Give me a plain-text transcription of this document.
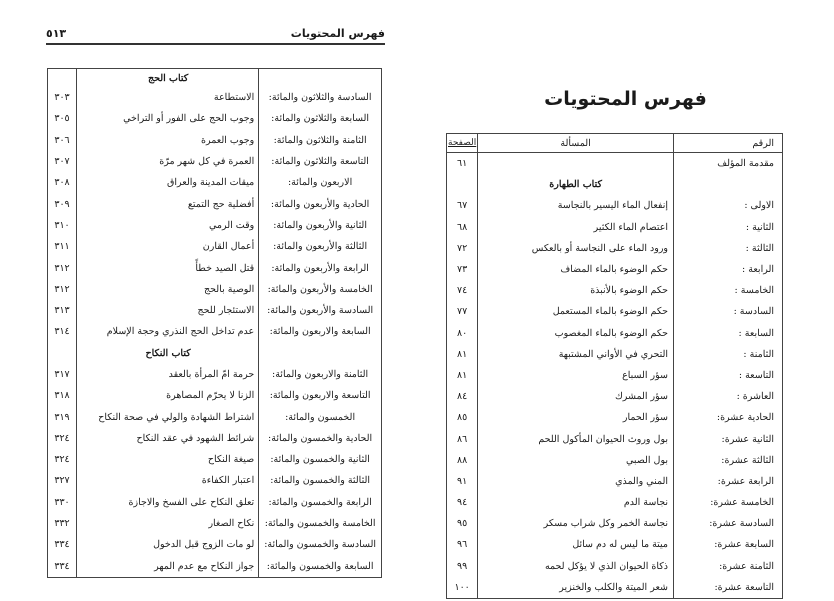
فهرس المحتويات
٥١٣
	كتاب الحج	
السادسة والثلاثون والمائة:	الاستطاعة	٣٠٣
السابعة والثلاثون والمائة:	وجوب الحج على الفور أو التراخي	٣٠٥
الثامنة والثلاثون والمائة:	وجوب العمرة	٣٠٦
التاسعة والثلاثون والمائة:	العمرة في كل شهر مرّة	٣٠٧
الاربعون والمائة:	ميقات المدينة والعراق	٣٠٨
الحادية والأربعون والمائة:	أفضلية حج التمتع	٣٠٩
الثانية والأربعون والمائة:	وقت الرمي	٣١٠
الثالثة والأربعون والمائة:	أعمال القارن	٣١١
الرابعة والأربعون والمائة:	قتل الصيد خطأً	٣١٢
الخامسة والأربعون والمائة:	الوصية بالحج	٣١٢
السادسة والأربعون والمائة:	الاستئجار للحج	٣١٣
السابعة والاربعون والمائة:	عدم تداخل الحج النذري وحجة الإسلام	٣١٤
	كتاب النكاح	
الثامنة والاربعون والمائة:	حرمة امّ المرأة بالعقد	٣١٧
التاسعة والاربعون والمائة:	الزنا لا يحرّم المصاهرة	٣١٨
الخمسون والمائة:	اشتراط الشهادة والولي في صحة النكاح	٣١٩
الحادية والخمسون والمائة:	شرائط الشهود في عقد النكاح	٣٢٤
الثانية والخمسون والمائة:	صيغة النكاح	٣٢٤
الثالثة والخمسون والمائة:	اعتبار الكفاءة	٣٢٧
الرابعة والخمسون والمائة:	تعلق النكاح على الفسخ والاجازة	٣٣٠
الخامسة والخمسون والمائة:	نكاح الصغار	٣٣٢
السادسة والخمسون والمائة:	لو مات الزوج قبل الدخول	٣٣٤
السابعة والخمسون والمائة:	جواز النكاح مع عدم المهر	٣٣٤
فهرس المحتويات
الرقم	المسألة	الصفحة
مقدمة المؤلف		٦١
	كتاب الطهارة	
الاولى :	إنفعال الماء اليسير بالنجاسة	٦٧
الثانية :	اعتصام الماء الكثير	٦٨
الثالثة :	ورود الماء على النجاسة أو بالعكس	٧٢
الرابعة :	حكم الوضوء بالماء المضاف	٧٣
الخامسة :	حكم الوضوء بالأنبذة	٧٤
السادسة :	حكم الوضوء بالماء المستعمل	٧٧
السابعة :	حكم الوضوء بالماء المغصوب	٨٠
الثامنة :	التحري في الأواني المشتبهة	٨١
التاسعة :	سؤر السباع	٨١
العاشرة :	سؤر المشرك	٨٤
الحادية عشرة:	سؤر الحمار	٨٥
الثانية عشرة:	بول وروث الحيوان المأكول اللحم	٨٦
الثالثة عشرة:	بول الصبي	٨٨
الرابعة عشرة:	المني والمذي	٩١
الخامسة عشرة:	نجاسة الدم	٩٤
السادسة عشرة:	نجاسة الخمر وكل شراب مسكر	٩٥
السابعة عشرة:	ميتة ما ليس له دم سائل	٩٦
الثامنة عشرة:	ذكاة الحيوان الذي لا يؤكل لحمه	٩٩
التاسعة عشرة:	شعر الميتة والكلب والخنزير	١٠٠
